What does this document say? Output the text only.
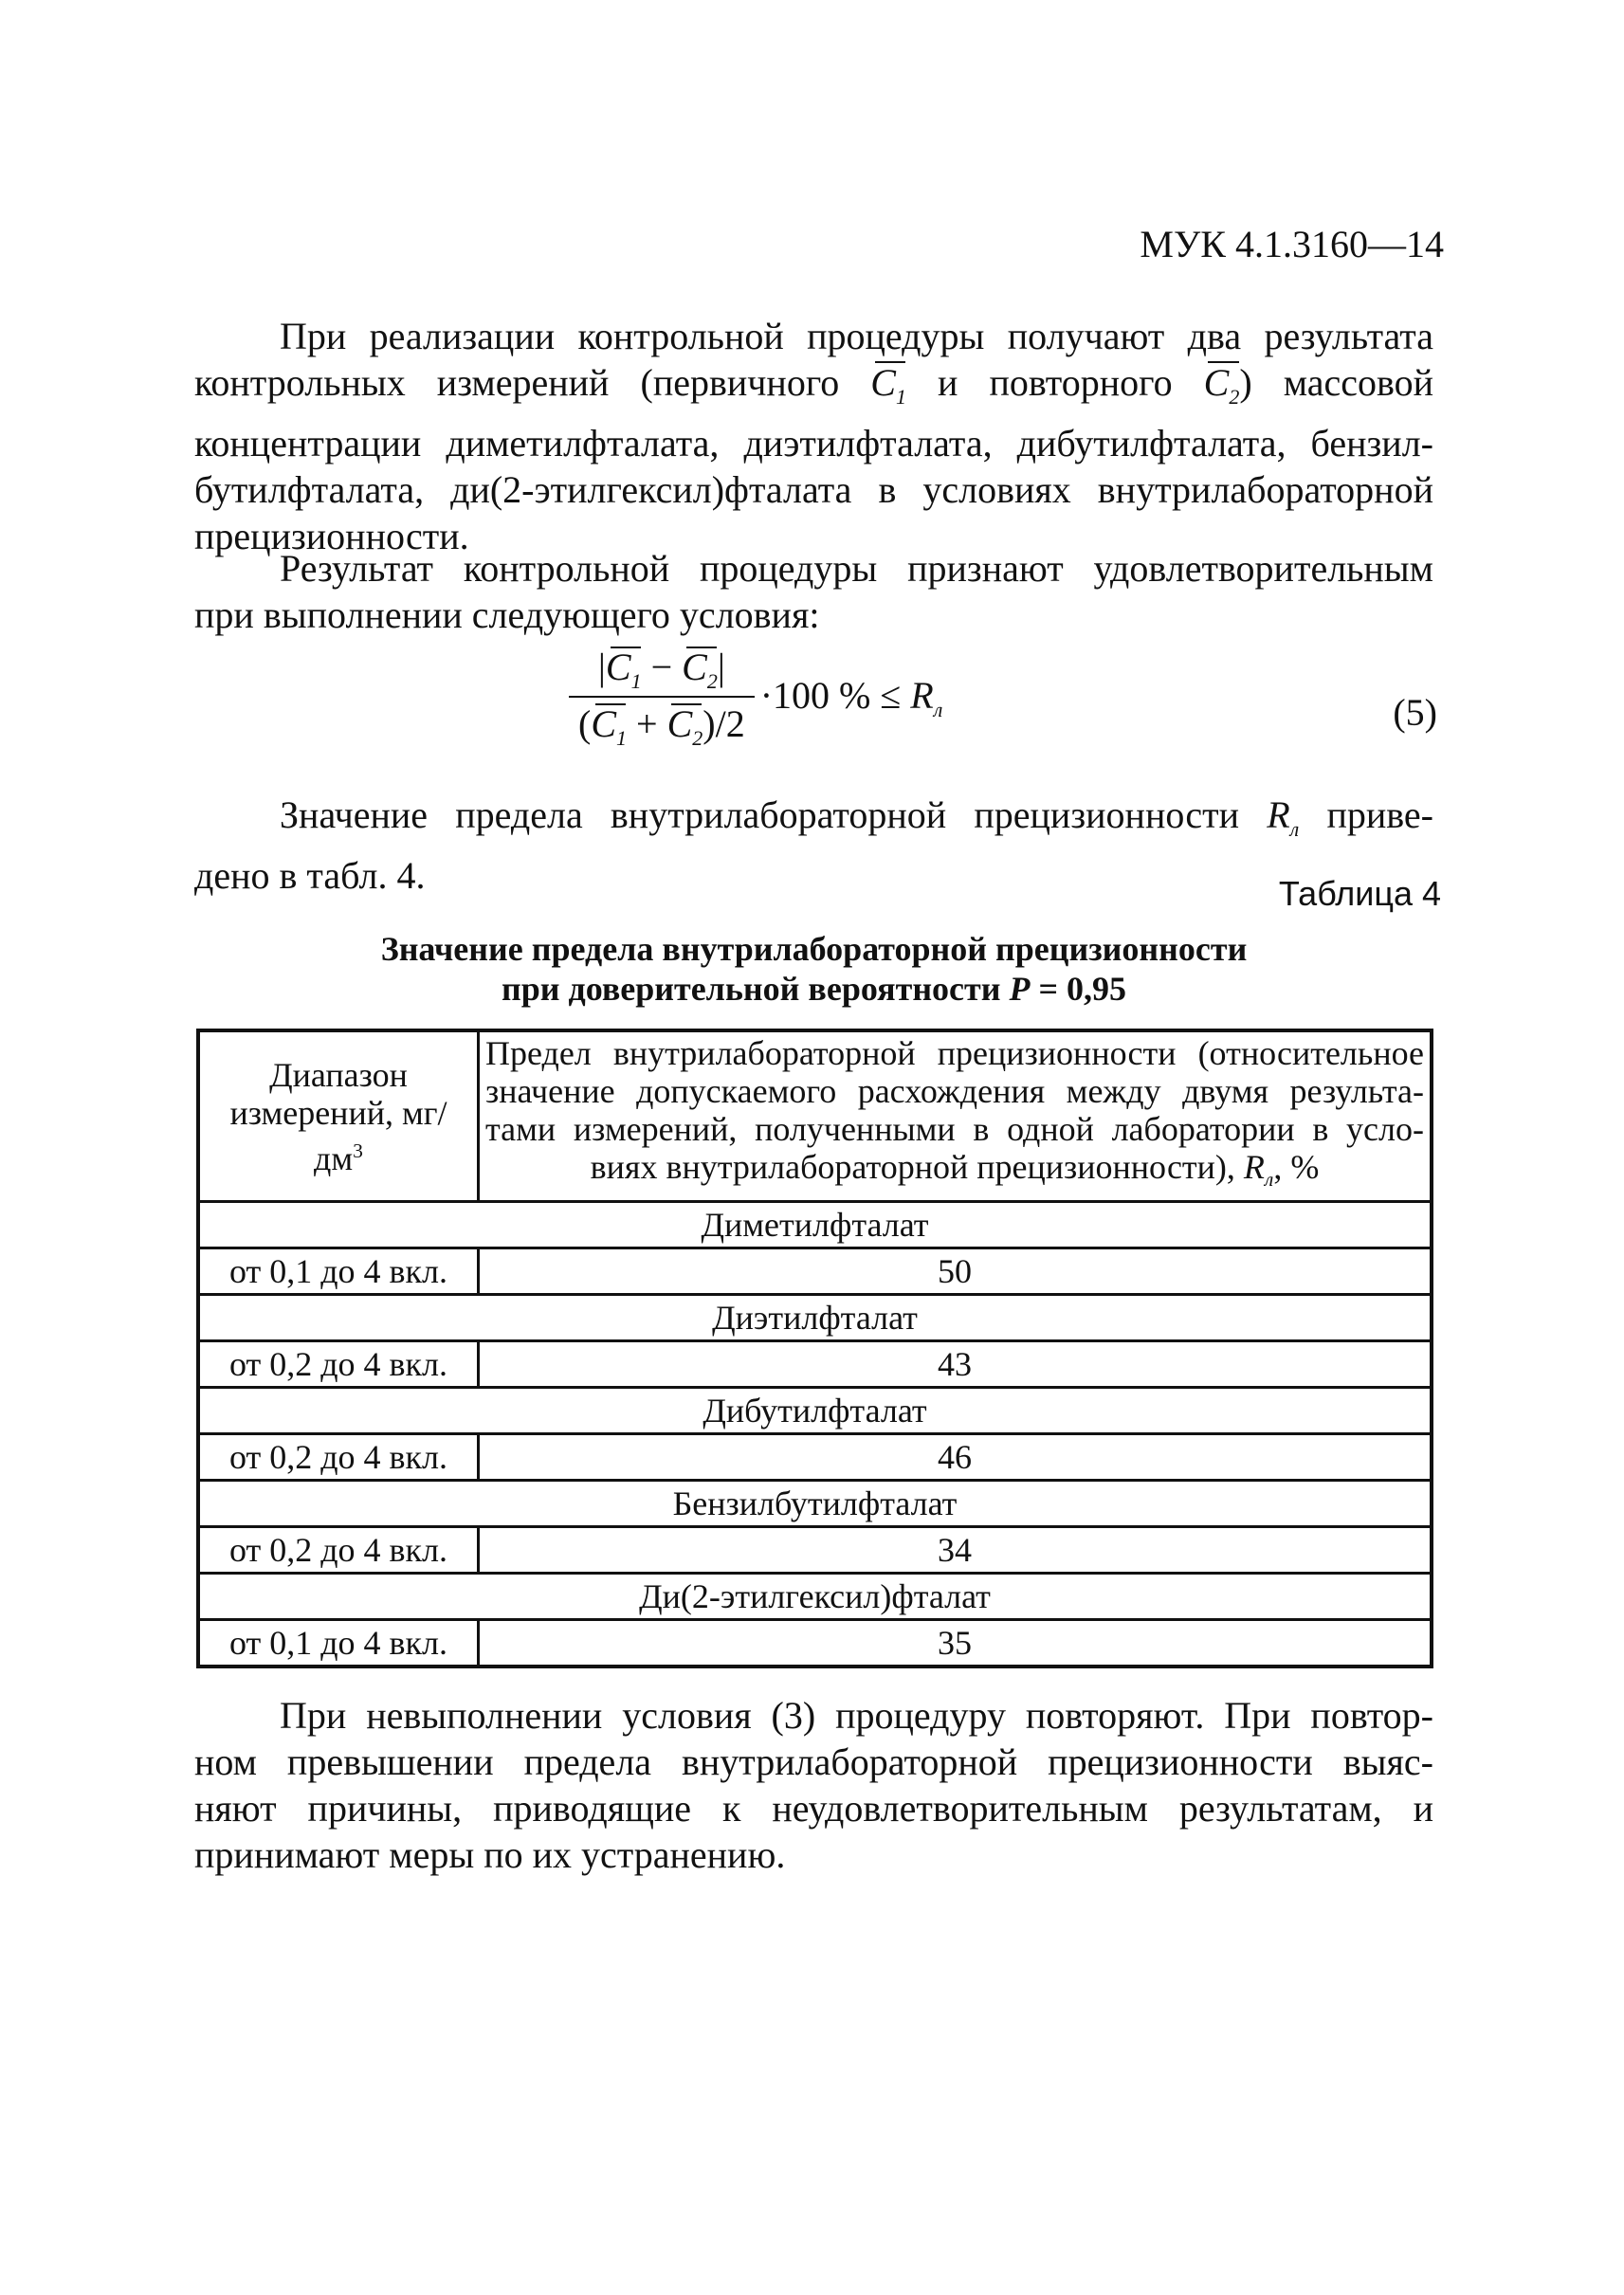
МУК 4.1.3160—14
При реализации контрольной процедуры получают два результата
контрольных измерений (первичного $C_1$ и повторного $C_2$) массовой
концентрации диметилфталата, диэтилфталата, дибутилфталата, бензил-
бутилфталата, ди(2-этилгексил)фталата в условиях внутрилабораторной
прецизионности.
Результат контрольной процедуры признают удовлетворительным
при выполнении следующего условия:
$\frac{|C_1 - C_2|}{(C_1 + C_2)/2} \cdot 100$ % ≤ $R_л$	(5)
Значение предела внутрилабораторной прецизионности $R_л$ приве-
дено в табл. 4.	Таблица 4
Значение предела внутрилабораторной прецизионности
при доверительной вероятности P = 0,95
Диапазон измерений, $мг/дм^3$	Предел внутрилабораторной прецизионности (относительное
значение допускаемого расхождения между двумя результа-
тами измерений, полученными в одной лаборатории в усло-
виях внутрилабораторной прецизионности), $R_л$, %

Диметилфталат	
от 0,1 до 4 вкл.	50
Диэтилфталат	
от 0,2 до 4 вкл.	43
Дибутилфталат	
от 0,2 до 4 вкл.	46
Бензилбутилфталат	
от 0,2 до 4 вкл.	34
Ди(2-этилгексил)фталат	
от 0,1 до 4 вкл.	35
При невыполнении условия (3) процедуру повторяют. При повтор-
ном превышении предела внутрилабораторной прецизионности выяс-
няют причины, приводящие к неудовлетворительным результатам, и
принимают меры по их устранению.
